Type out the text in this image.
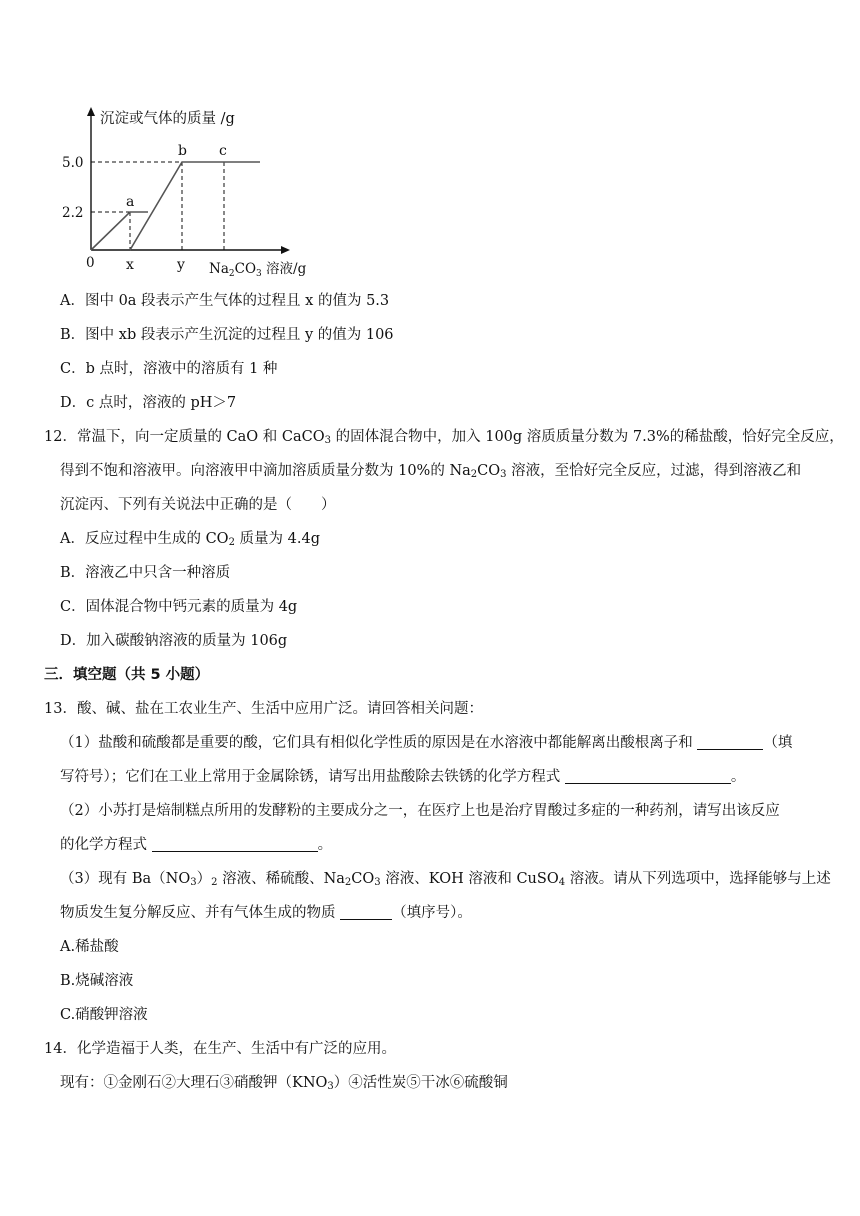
沉淀或气体的质量 /g
5.0
2.2
0 x	y $Na_2CO_3$ 溶液/g
a
b c
A．图中 0a 段表示产生气体的过程且 x 的值为 5.3
B．图中 xb 段表示产生沉淀的过程且 y 的值为 106
C．b 点时，溶液中的溶质有 1 种
D．c 点时，溶液的 pH＞7
12．常温下，向一定质量的 CaO 和 CaCO$_3$ 的固体混合物中，加入 100g 溶质质量分数为 7.3%的稀盐酸，恰好完全反应，
得到不饱和溶液甲。向溶液甲中滴加溶质质量分数为 10%的 $Na_2CO_3$ 溶液，至恰好完全反应，过滤，得到溶液乙和
沉淀丙、下列有关说法中正确的是（　　）
A．反应过程中生成的 $CO_2$ 质量为 4.4g
B．溶液乙中只含一种溶质
C．固体混合物中钙元素的质量为 4g
D．加入碳酸钠溶液的质量为 106g
三．填空题（共 5 小题）
13．酸、碱、盐在工农业生产、生活中应用广泛。请回答相关问题：
（1）盐酸和硫酸都是重要的酸，它们具有相似化学性质的原因是在水溶液中都能解离出酸根离子和	（填
写符号）；它们在工业上常用于金属除锈，请写出用盐酸除去铁锈的化学方程式	。
（2）小苏打是焙制糕点所用的发酵粉的主要成分之一，在医疗上也是治疗胃酸过多症的一种药剂，请写出该反应
的化学方程式	。
（3）现有 $Ba(NO_3)_2$ 溶液、稀硫酸、$Na_2CO_3$ 溶液、KOH 溶液和 CuSO$_4$ 溶液。请从下列选项中，选择能够与上述
物质发生复分解反应、并有气体生成的物质	（填序号）。
A.稀盐酸
B.烧碱溶液
C.硝酸钾溶液
14．化学造福于人类，在生产、生活中有广泛的应用。
现有：①金刚石②大理石③硝酸钾$(KNO_3)④$活性炭⑤干冰⑥硫酸铜
